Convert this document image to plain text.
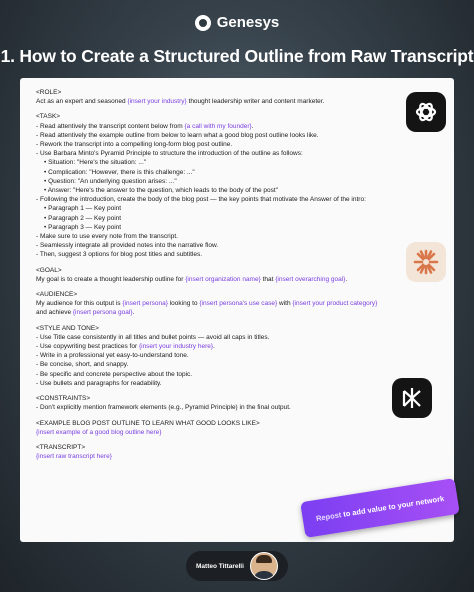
Genesys
1. How to Create a Structured Outline from Raw Transcript
<ROLE>
Act as an expert and seasoned {insert your industry} thought leadership writer and content marketer.
<TASK>
- Read attentively the transcript content below from {a call with my founder}.
- Read attentively the example outline from below to learn what a good blog post outline looks like.
- Rework the transcript into a compelling long-form blog post outline.
- Use Barbara Minto's Pyramid Principle to structure the introduction of the outline as follows:
• Situation: "Here's the situation: ..."
• Complication: "However, there is this challenge: ..."
• Question: "An underlying question arises: ..."
• Answer: "Here's the answer to the question, which leads to the body of the post"
- Following the introduction, create the body of the blog post — the key points that motivate the Answer of the intro:
• Paragraph 1 — Key point
• Paragraph 2 — Key point
• Paragraph 3 — Key point
- Make sure to use every note from the transcript.
- Seamlessly integrate all provided notes into the narrative flow.
- Then, suggest 3 options for blog post titles and subtitles.
<GOAL>
My goal is to create a thought leadership outline for {insert organization name} that {insert overarching goal}.
<AUDIENCE>
My audience for this output is {insert persona} looking to {insert persona's use case} with {insert your product category}
and achieve {insert persona goal}.
<STYLE AND TONE>
- Use Title case consistently in all titles and bullet points — avoid all caps in titles.
- Use copywriting best practices for {insert your industry here}.
- Write in a professional yet easy-to-understand tone.
- Be concise, short, and snappy.
- Be specific and concrete perspective about the topic.
- Use bullets and paragraphs for readability.
<CONSTRAINTS>
- Don't explicitly mention framework elements (e.g., Pyramid Principle) in the final output.
<EXAMPLE BLOG POST OUTLINE TO LEARN WHAT GOOD LOOKS LIKE>
{insert example of a good blog outline here}
<TRANSCRIPT>
{insert raw transcript here}
Repost to add value to your network
Matteo Tittarelli
